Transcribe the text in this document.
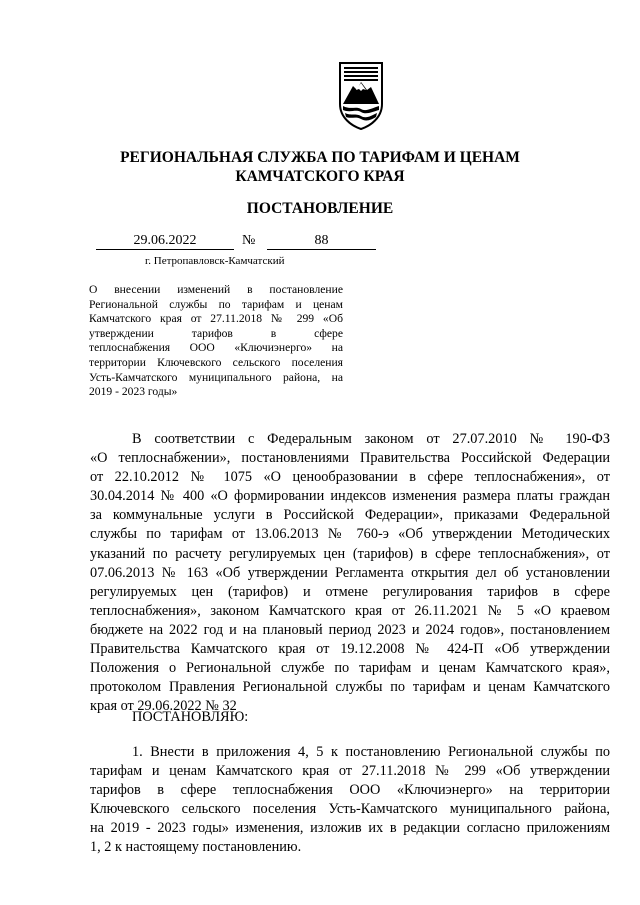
РЕГИОНАЛЬНАЯ СЛУЖБА ПО ТАРИФАМ И ЦЕНАМ
КАМЧАТСКОГО КРАЯ
ПОСТАНОВЛЕНИЕ
29.06.2022	№	88
г. Петропавловск-Камчатский
О внесении изменений в постановление
Региональной службы по тарифам и ценам
Камчатского края от 27.11.2018 № 299 «Об
утверждении тарифов в сфере
теплоснабжения ООО «Ключиэнерго» на
территории Ключевского сельского поселения
Усть-Камчатского муниципального района, на
2019 - 2023 годы»
В соответствии с Федеральным законом от 27.07.2010 № 190-ФЗ
«О теплоснабжении», постановлениями Правительства Российской Федерации
от 22.10.2012 № 1075 «О ценообразовании в сфере теплоснабжения», от
30.04.2014 № 400 «О формировании индексов изменения размера платы граждан
за коммунальные услуги в Российской Федерации», приказами Федеральной
службы по тарифам от 13.06.2013 № 760-э «Об утверждении Методических
указаний по расчету регулируемых цен (тарифов) в сфере теплоснабжения», от
07.06.2013 № 163 «Об утверждении Регламента открытия дел об установлении
регулируемых цен (тарифов) и отмене регулирования тарифов в сфере
теплоснабжения», законом Камчатского края от 26.11.2021 № 5 «О краевом
бюджете на 2022 год и на плановый период 2023 и 2024 годов», постановлением
Правительства Камчатского края от 19.12.2008 № 424-П «Об утверждении
Положения о Региональной службе по тарифам и ценам Камчатского края»,
протоколом Правления Региональной службы по тарифам и ценам Камчатского
края от 29.06.2022 № 32
ПОСТАНОВЛЯЮ:
1. Внести в приложения 4, 5 к постановлению Региональной службы по
тарифам и ценам Камчатского края от 27.11.2018 № 299 «Об утверждении
тарифов в сфере теплоснабжения ООО «Ключиэнерго» на территории
Ключевского сельского поселения Усть-Камчатского муниципального района,
на 2019 - 2023 годы» изменения, изложив их в редакции согласно приложениям
1, 2 к настоящему постановлению.
